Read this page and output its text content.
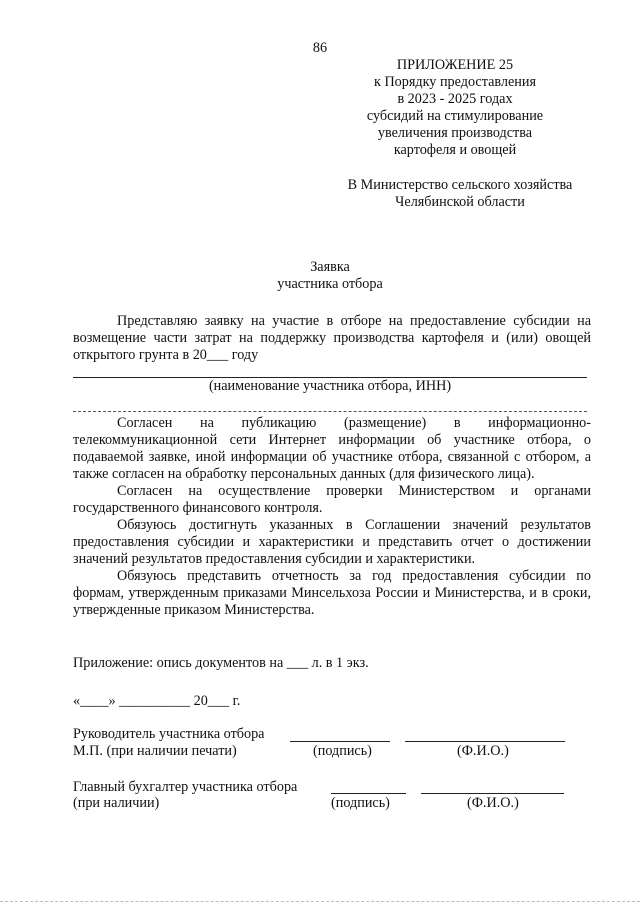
86
ПРИЛОЖЕНИЕ 25
к Порядку предоставления
в 2023 - 2025 годах
субсидий на стимулирование
увеличения производства
картофеля и овощей
В Министерство сельского хозяйства
Челябинской области
Заявка
участника отбора

Представляю заявку на участие в отборе на предоставление субсидии на возмещение части затрат на поддержку производства картофеля и (или) овощей открытого грунта в 20___ году

(наименование участника отбора, ИНН)

Согласен на публикацию (размещение) в информационно-телекоммуникационной сети Интернет информации об участнике отбора, о подаваемой заявке, иной информации об участнике отбора, связанной с отбором, а также согласен на обработку персональных данных (для физического лица).

Согласен на осуществление проверки Министерством и органами государственного финансового контроля.

Обязуюсь достигнуть указанных в Соглашении значений результатов предоставления субсидии и характеристики и представить отчет о достижении значений результатов предоставления субсидии и характеристики.

Обязуюсь представить отчетность за год предоставления субсидии по формам, утвержденным приказами Минсельхоза России и Министерства, и в сроки, утвержденные приказом Министерства.

Приложение: опись документов на ___ л. в 1 экз.
«____» __________ 20___ г.
Руководитель участника отбора
М.П. (при наличии печати)	(подпись)	(Ф.И.О.)
Главный бухгалтер участника отбора
(при наличии)	(подпись)	(Ф.И.О.)
